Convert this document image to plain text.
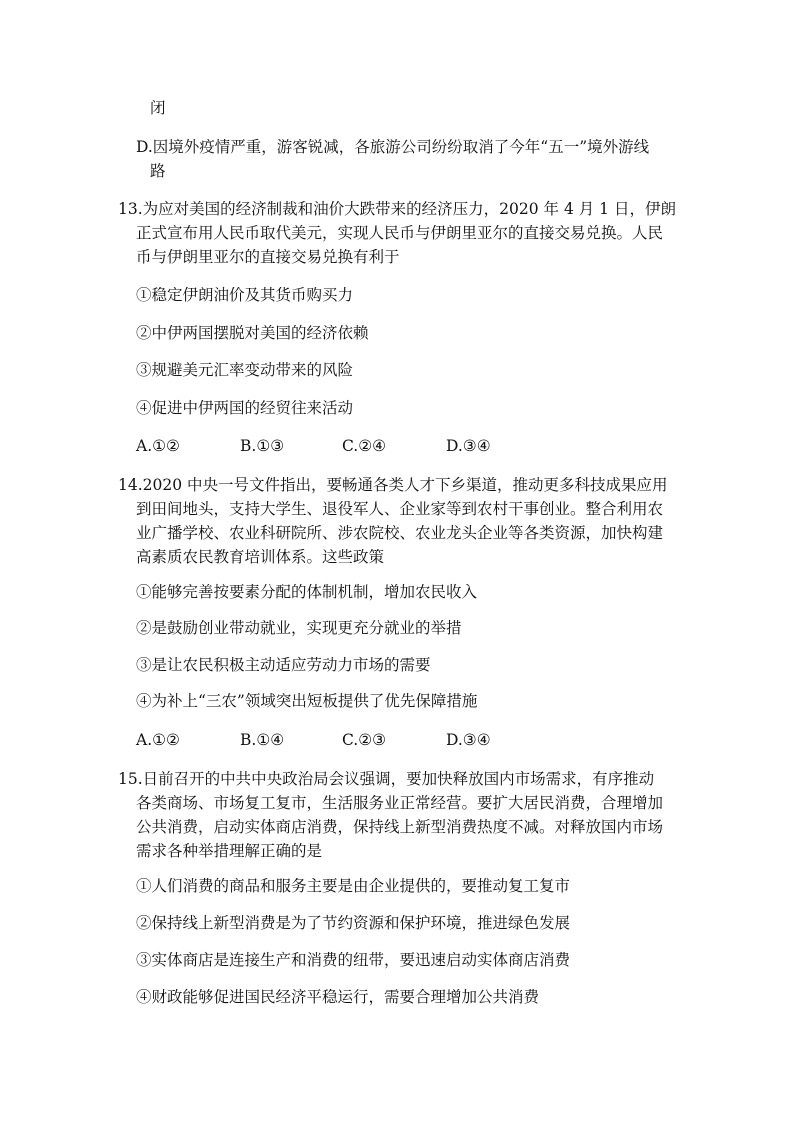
闭
D.因境外疫情严重，游客锐减，各旅游公司纷纷取消了今年“五一”境外游线
路
13.为应对美国的经济制裁和油价大跌带来的经济压力，2020 年 4 月 1 日，伊朗
正式宣布用人民币取代美元，实现人民币与伊朗里亚尔的直接交易兑换。人民
币与伊朗里亚尔的直接交易兑换有利于
①稳定伊朗油价及其货币购买力
②中伊两国摆脱对美国的经济依赖
③规避美元汇率变动带来的风险
④促进中伊两国的经贸往来活动
A.①②	B.①③	C.②④	D.③④
14.2020 中央一号文件指出，要畅通各类人才下乡渠道，推动更多科技成果应用
到田间地头，支持大学生、退役军人、企业家等到农村干事创业。整合利用农
业广播学校、农业科研院所、涉农院校、农业龙头企业等各类资源，加快构建
高素质农民教育培训体系。这些政策
①能够完善按要素分配的体制机制，增加农民收入
②是鼓励创业带动就业，实现更充分就业的举措
③是让农民积极主动适应劳动力市场的需要
④为补上“三农”领域突出短板提供了优先保障措施
A.①②	B.①④	C.②③	D.③④
15.日前召开的中共中央政治局会议强调，要加快释放国内市场需求，有序推动
各类商场、市场复工复市，生活服务业正常经营。要扩大居民消费，合理增加
公共消费，启动实体商店消费，保持线上新型消费热度不减。对释放国内市场
需求各种举措理解正确的是
①人们消费的商品和服务主要是由企业提供的，要推动复工复市
②保持线上新型消费是为了节约资源和保护环境，推进绿色发展
③实体商店是连接生产和消费的纽带，要迅速启动实体商店消费
④财政能够促进国民经济平稳运行，需要合理增加公共消费
